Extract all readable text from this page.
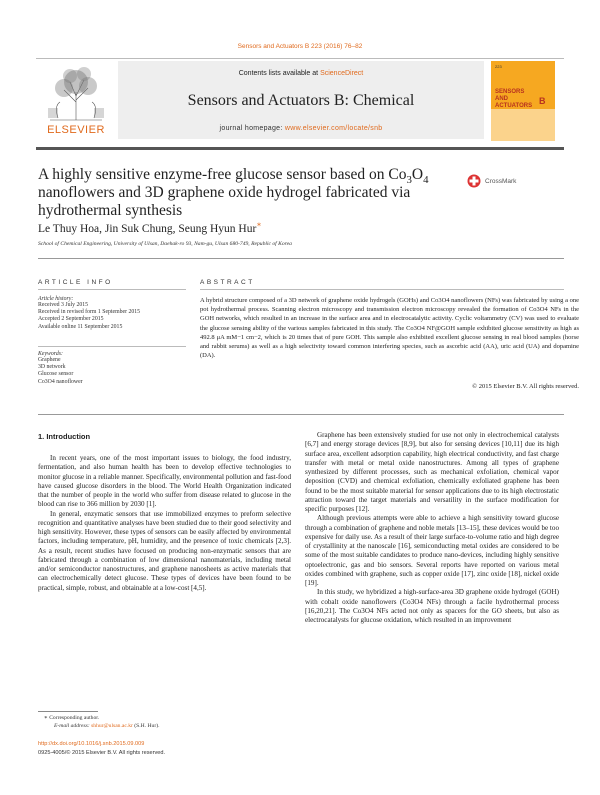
Sensors and Actuators B 223 (2016) 76–82
ELSEVIER
Contents lists available at ScienceDirect
Sensors and Actuators B: Chemical
journal homepage: www.elsevier.com/locate/snb
223
SENSORS AND ACTUATORS B
A highly sensitive enzyme-free glucose sensor based on $Co_3O_4$ nanoflowers and 3D graphene oxide hydrogel fabricated via hydrothermal synthesis
CrossMark
Le Thuy Hoa, Jin Suk Chung, Seung Hyun Hur∗
School of Chemical Engineering, University of Ulsan, Daehak-ro 93, Nam-gu, Ulsan 680-749, Republic of Korea
ARTICLE INFO	ABSTRACT
Article history:
Received 3 July 2015
Received in revised form 1 September 2015
Accepted 2 September 2015
Available online 11 September 2015
Keywords:
Graphene
3D network
Glucose sensor
Co3O4 nanoflower
A hybrid structure composed of a 3D network of graphene oxide hydrogels (GOHs) and Co3O4 nanoflowers (NFs) was fabricated by using a one pot hydrothermal process. Scanning electron microscopy and transmission electron microscopy revealed the formation of Co3O4 NFs in the GOH networks, which resulted in an increase in the surface area and in electrocatalytic activity. Cyclic voltammetry (CV) was used to evaluate the glucose sensing ability of the various samples fabricated in this study. The Co3O4 NF@GOH sample exhibited glucose sensitivity as high as 492.8 μA mM−1 cm−2, which is 20 times that of pure GOH. This sample also exhibited excellent glucose sensing in real blood samples (horse and rabbit serums) as well as a high selectivity toward common interfering species, such as ascorbic acid (AA), uric acid (UA) and dopamine (DA).
© 2015 Elsevier B.V. All rights reserved.
1. Introduction

In recent years, one of the most important issues to biology, the food industry, fermentation, and also human health has been to develop effective technologies to monitor glucose in a reliable manner. Specifically, environmental pollution and fast-food have caused glucose disorders in the blood. The World Health Organization indicated that the number of people in the world who suffer from disease related to glucose in the blood can rise to 366 million by 2030 [1].

In general, enzymatic sensors that use immobilized enzymes to preform selective recognition and quantitative analyses have been studied due to their good selectivity and high sensitivity. However, these types of sensors can be easily affected by environmental factors, including temperature, pH, humidity, and the presence of toxic chemicals [2,3]. As a result, recent studies have focused on producing non-enzymatic sensors that are fabricated through a combination of low dimensional nanomaterials, including metal and/or semiconductor nanostructures, and graphene nanosheets as active materials that can electrochemically detect glucose. These types of devices have been found to be practical, simple, robust, and obtainable at a low-cost [4,5].

Graphene has been extensively studied for use not only in electrochemical catalysts [6,7] and energy storage devices [8,9], but also for sensing devices [10,11] due its high surface area, excellent adsorption capability, high electrical conductivity, and fast charge transfer with metal or metal oxide nanostructures. Among all types of graphene synthesized by different processes, such as mechanical exfoliation, chemical vapor deposition (CVD) and chemical exfoliation, chemically exfoliated graphene has been found to be the most suitable material for sensor applications due to its high electrostatic attraction toward the target materials and versatility in the surface modification for specific purposes [12].

Although previous attempts were able to achieve a high sensitivity toward glucose through a combination of graphene and noble metals [13–15], these devices would be too expensive for daily use. As a result of their large surface-to-volume ratio and high degree of crystallinity at the nanoscale [16], semiconducting metal oxides are considered to be some of the most suitable candidates to produce nano-devices, including highly sensitive optoelectronic, gas and bio sensors. Several reports have reported on various metal oxides combined with graphene, such as copper oxide [17], zinc oxide [18], nickel oxide [19].

In this study, we hybridized a high-surface-area 3D graphene oxide hydrogel (GOH) with cobalt oxide nanoflowers (Co3O4 NFs) through a facile hydrothermal process [16,20,21]. The Co3O4 NFs acted not only as spacers for the GO sheets, but also as electrocatalysts for glucose oxidation, which resulted in an improvement

∗ Corresponding author.
E-mail address: shhur@ulsan.ac.kr (S.H. Hur).
http://dx.doi.org/10.1016/j.snb.2015.09.009
0925-4005/© 2015 Elsevier B.V. All rights reserved.
